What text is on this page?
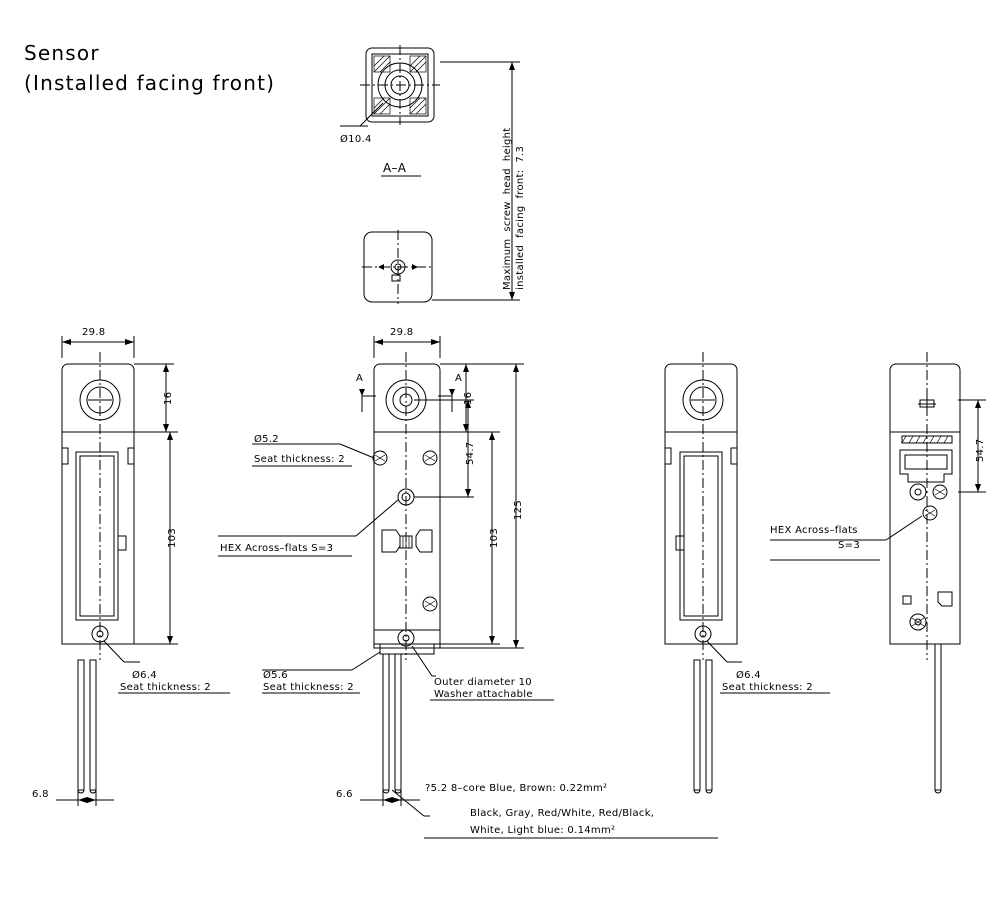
Sensor
(Installed facing front)
Ø10.4
A–A	Maximum  screw  head  height installed  facing  front:  7.3
A	A
29.8	29.8
16	16
103	103
54.7
125
54.7
6.8	6.6
Ø5.2
Seat thickness: 2
HEX Across–flats S=3
Ø6.4
Seat thickness: 2
Ø5.6
Seat thickness: 2	Outer diameter 10
Washer attachable
Ø6.4
Seat thickness: 2
HEX Across–flats
S=3
?5.2 8–core Blue, Brown: 0.22mm²
Black, Gray, Red/White, Red/Black,
White, Light blue: 0.14mm²
